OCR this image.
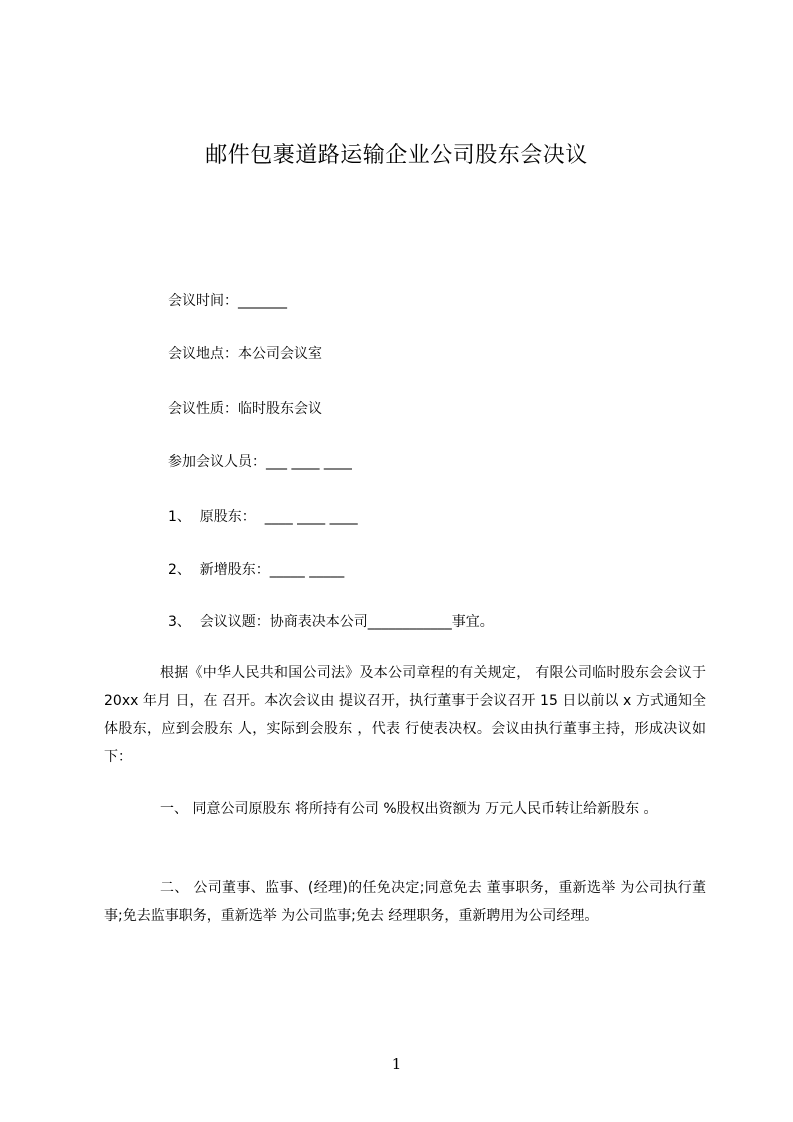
邮件包裹道路运输企业公司股东会决议
会议时间：_______
会议地点：本公司会议室
会议性质：临时股东会议
参加会议人员：___ ____ ____
1、  原股东：  ____ ____ ____
2、  新增股东：_____ _____
3、  会议议题：协商表决本公司____________事宜。
根据《中华人民共和国公司法》及本公司章程的有关规定， 有限公司临时股东会会议于 20xx 年月 日，在 召开。本次会议由 提议召开，执行董事于会议召开 15 日以前以 x 方式通知全体股东，应到会股东 人，实际到会股东 ，代表 行使表决权。会议由执行董事主持，形成决议如下：
一、 同意公司原股东 将所持有公司 %股权出资额为 万元人民币转让给新股东 。
二、 公司董事、监事、(经理)的任免决定;同意免去 董事职务，重新选举 为公司执行董事;免去监事职务，重新选举 为公司监事;免去 经理职务，重新聘用为公司经理。
1
